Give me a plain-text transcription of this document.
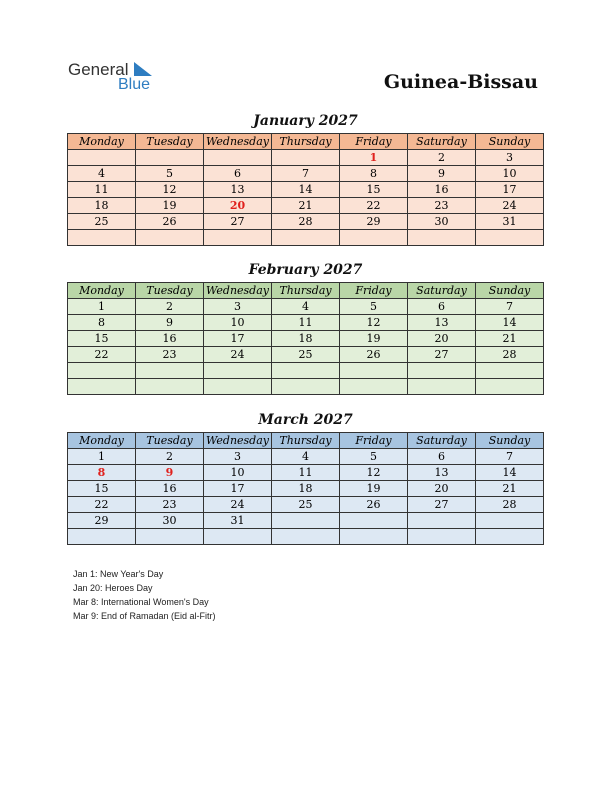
General
Blue	Guinea-Bissau
January 2027
Monday	Tuesday	Wednesday	Thursday	Friday	Saturday	Sunday
				1	2	3
4	5	6	7	8	9	10
11	12	13	14	15	16	17
18	19	20	21	22	23	24
25	26	27	28	29	30	31

February 2027
Monday	Tuesday	Wednesday	Thursday	Friday	Saturday	Sunday
1	2	3	4	5	6	7
8	9	10	11	12	13	14
15	16	17	18	19	20	21
22	23	24	25	26	27	28

March 2027
Monday	Tuesday	Wednesday	Thursday	Friday	Saturday	Sunday
1	2	3	4	5	6	7
8	9	10	11	12	13	14
15	16	17	18	19	20	21
22	23	24	25	26	27	28
29	30	31				

Jan 1: New Year's Day
Jan 20: Heroes Day
Mar 8: International Women's Day
Mar 9: End of Ramadan (Eid al-Fitr)
